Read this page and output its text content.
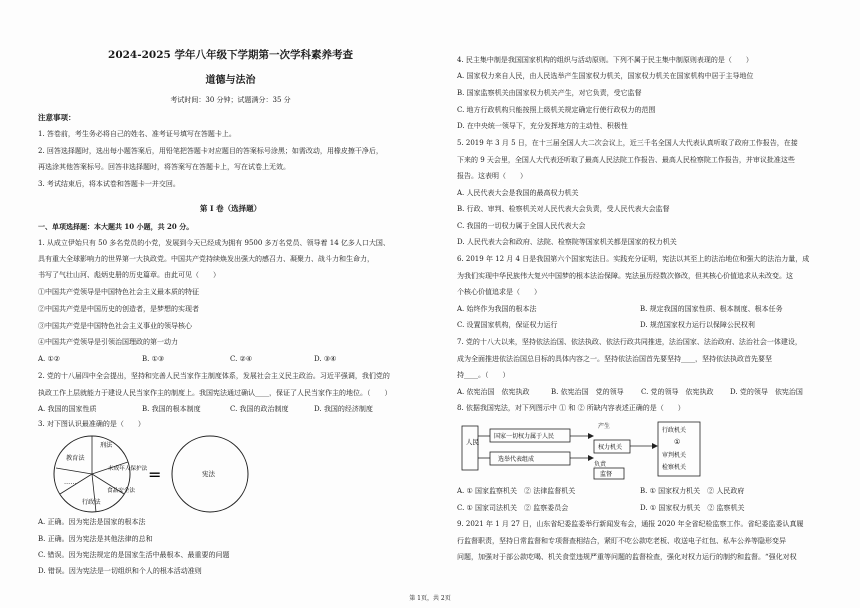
2024-2025 学年八年级下学期第一次学科素养考查
道德与法治
考试时间：30 分钟；试题满分：35 分
注意事项：
1. 答卷前，考生务必将自己的姓名、准考证号填写在答题卡上。
2. 回答选择题时，选出每小题答案后，用铅笔把答题卡对应题目的答案标号涂黑；如需改动，用橡皮擦干净后，
再选涂其他答案标号。回答非选择题时，将答案写在答题卡上，写在试卷上无效。
3. 考试结束后，将本试卷和答题卡一并交回。
第 I 卷（选择题）
一、单项选择题：本大题共 10 小题，共 20 分。
1. 从成立伊始只有 50 多名党员的小党，发展到今天已经成为拥有 9500 多万名党员、领导着 14 亿多人口大国、
具有重大全球影响力的世界第一大执政党。中国共产党持续焕发出强大的感召力、凝聚力、战斗力和生命力，
书写了气壮山河、彪炳史册的历史篇章。由此可见（　　）
①中国共产党领导是中国特色社会主义最本质的特征
②中国共产党是中国历史的创造者，是梦想的实现者
③中国共产党是中国特色社会主义事业的领导核心
④中国共产党领导是引领治国理政的第一动力
A. ①②	B. ①③	C. ②④	D. ③④
2. 党的十八届四中全会提出，坚持和完善人民当家作主制度体系，发展社会主义民主政治。习近平强调，我们党的
执政工作上层就能力于建设人民当家作主的制度上。我国宪法通过确认____，保证了人民当家作主的地位。（　　）
A. 我国的国家性质	B. 我国的根本制度	C. 我国的政治制度	D. 我国的经济制度
3. 对下图认识最准确的是（　　）
教育法
刑法
未成年人保护法
食品安全法
行政法
……	=	宪法
A. 正确。因为宪法是国家的根本法
B. 正确。因为宪法是其他法律的总和
C. 错误。因为宪法规定的是国家生活中最根本、最重要的问题
D. 错误。因为宪法是一切组织和个人的根本活动准则
4. 民主集中制是我国国家机构的组织与活动原则。下列不属于民主集中制原则表现的是（　　）
A. 国家权力来自人民，由人民选举产生国家权力机关，国家权力机关在国家机构中居于主导地位
B. 国家监察机关由国家权力机关产生，对它负责，受它监督
C. 地方行政机构只能按照上级机关规定确定行使行政权力的范围
D. 在中央统一领导下，充分发挥地方的主动性、积极性
5. 2019 年 3 月 5 日，在十三届全国人大二次会议上，近三千名全国人大代表认真听取了政府工作报告，在接
下来的 9 天会里，全国人大代表还听取了最高人民法院工作报告、最高人民检察院工作报告，并审议批准这些
报告。这表明（　　）
A. 人民代表大会是我国的最高权力机关
B. 行政、审判、检察机关对人民代表大会负责，受人民代表大会监督
C. 我国的一切权力属于全国人民代表大会
D. 人民代表大会和政府、法院、检察院等国家机关都是国家的权力机关
6. 2019 年 12 月 4 日是我国第六个国家宪法日。实践充分证明，宪法以其至上的法治地位和强大的法治力量，成
为我们实现中华民族伟大复兴中国梦的根本法治保障。宪法虽历经数次修改，但其核心价值追求从未改变。这
个核心价值追求是（　　）
A. 始终作为我国的根本法	B. 规定我国的国家性质、根本制度、根本任务
C. 设置国家机构，保证权力运行	D. 规范国家权力运行以保障公民权利
7. 党的十八大以来，坚持依法治国、依法执政、依法行政共同推进，法治国家、法治政府、法治社会一体建设，
成为全面推进依法治国总目标的具体内容之一。坚持依法治国首先要坚持____，坚持依法执政首先要坚
持____。（　　）
A. 依宪治国　依宪执政	B. 依宪治国　党的领导 C. 党的领导　依宪执政 D. 党的领导　依宪治国
8. 依据我国宪法，对下列图示中 ① 和 ② 所缺内容表述正确的是（　　）
人民
国家一切权力属于人民
选举代表组成
权力机关
产生
负责
监督
行政机关
①
审判机关
检察机关
A. ① 国家监察机关　② 法律监督机关	B. ① 国家权力机关　② 人民政府
C. ① 国家司法机关　② 监察委员会	D. ① 国家权力机关　② 监察机关
9. 2021 年 1 月 27 日，山东省纪委监委举行新闻发布会，通报 2020 年全省纪检监察工作。省纪委监委认真履
行监督职责，坚持日常监督和专项督查相结合，紧盯不吃公款吃老板、收送电子红包、私车公养等隐形变异
问题，加强对于部公款吃喝、机关食堂违规严重等问题的监督检查，强化对权力运行的制约和监督。“强化对权
第 1页，共 2页
